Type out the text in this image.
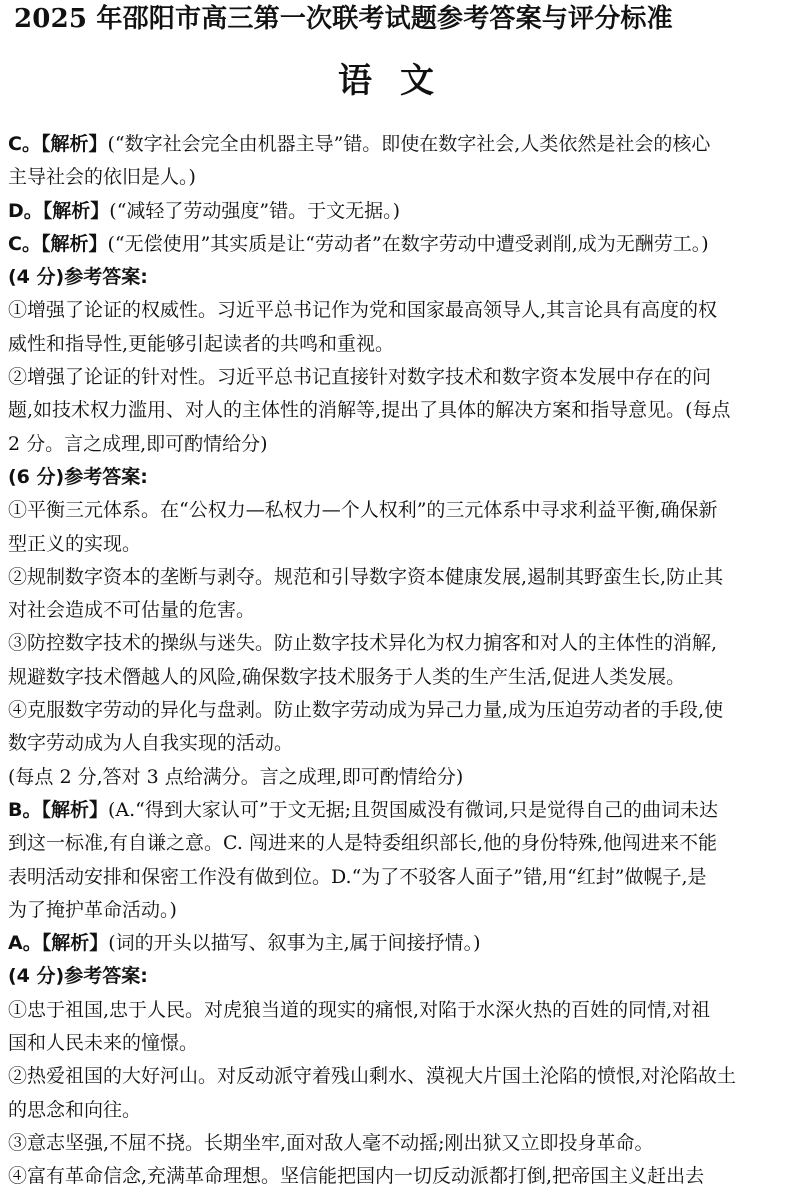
2025 年邵阳市高三第一次联考试题参考答案与评分标准
语文
C。【解析】(“数字社会完全由机器主导”错。即使在数字社会,人类依然是社会的核心
主导社会的依旧是人。)
D。【解析】(“减轻了劳动强度”错。于文无据。)
C。【解析】(“无偿使用”其实质是让“劳动者”在数字劳动中遭受剥削,成为无酬劳工。)
(4 分)参考答案:
①增强了论证的权威性。习近平总书记作为党和国家最高领导人,其言论具有高度的权
威性和指导性,更能够引起读者的共鸣和重视。
②增强了论证的针对性。习近平总书记直接针对数字技术和数字资本发展中存在的问
题,如技术权力滥用、对人的主体性的消解等,提出了具体的解决方案和指导意见。(每点
2 分。言之成理,即可酌情给分)
(6 分)参考答案:
①平衡三元体系。在“公权力—私权力—个人权利”的三元体系中寻求利益平衡,确保新
型正义的实现。
②规制数字资本的垄断与剥夺。规范和引导数字资本健康发展,遏制其野蛮生长,防止其
对社会造成不可估量的危害。
③防控数字技术的操纵与迷失。防止数字技术异化为权力掮客和对人的主体性的消解,
规避数字技术僭越人的风险,确保数字技术服务于人类的生产生活,促进人类发展。
④克服数字劳动的异化与盘剥。防止数字劳动成为异己力量,成为压迫劳动者的手段,使
数字劳动成为人自我实现的活动。
(每点 2 分,答对 3 点给满分。言之成理,即可酌情给分)
B。【解析】(A.“得到大家认可”于文无据;且贺国威没有微词,只是觉得自己的曲词未达
到这一标准,有自谦之意。C. 闯进来的人是特委组织部长,他的身份特殊,他闯进来不能
表明活动安排和保密工作没有做到位。D.“为了不驳客人面子”错,用“红封”做幌子,是
为了掩护革命活动。)
A。【解析】(词的开头以描写、叙事为主,属于间接抒情。)
(4 分)参考答案:
①忠于祖国,忠于人民。对虎狼当道的现实的痛恨,对陷于水深火热的百姓的同情,对祖
国和人民未来的憧憬。
②热爱祖国的大好河山。对反动派守着残山剩水、漠视大片国土沦陷的愤恨,对沦陷故土
的思念和向往。
③意志坚强,不屈不挠。长期坐牢,面对敌人毫不动摇;刚出狱又立即投身革命。
④富有革命信念,充满革命理想。坚信能把国内一切反动派都打倒,把帝国主义赶出去
